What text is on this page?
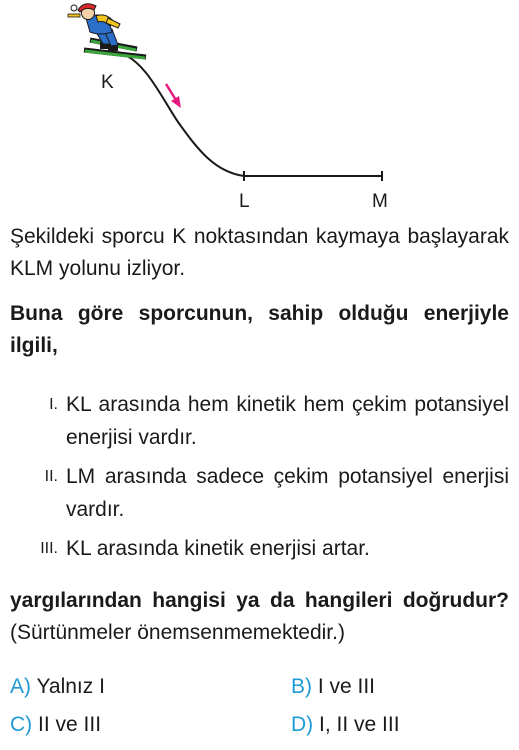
K
L	M
Şekildeki sporcu K noktasından kaymaya başlayarak KLM yolunu izliyor.
Buna göre sporcunun, sahip olduğu enerjiyle ilgili,
I. KL arasında hem kinetik hem çekim potansiyel enerjisi vardır.
II. LM arasında sadece çekim potansiyel enerjisi vardır.
III. KL arasında kinetik enerjisi artar.
yargılarından hangisi ya da hangileri doğrudur? (Sürtünmeler önemsenmemektedir.)
A) Yalnız I	B) I ve III
C) II ve III	D) I, II ve III
